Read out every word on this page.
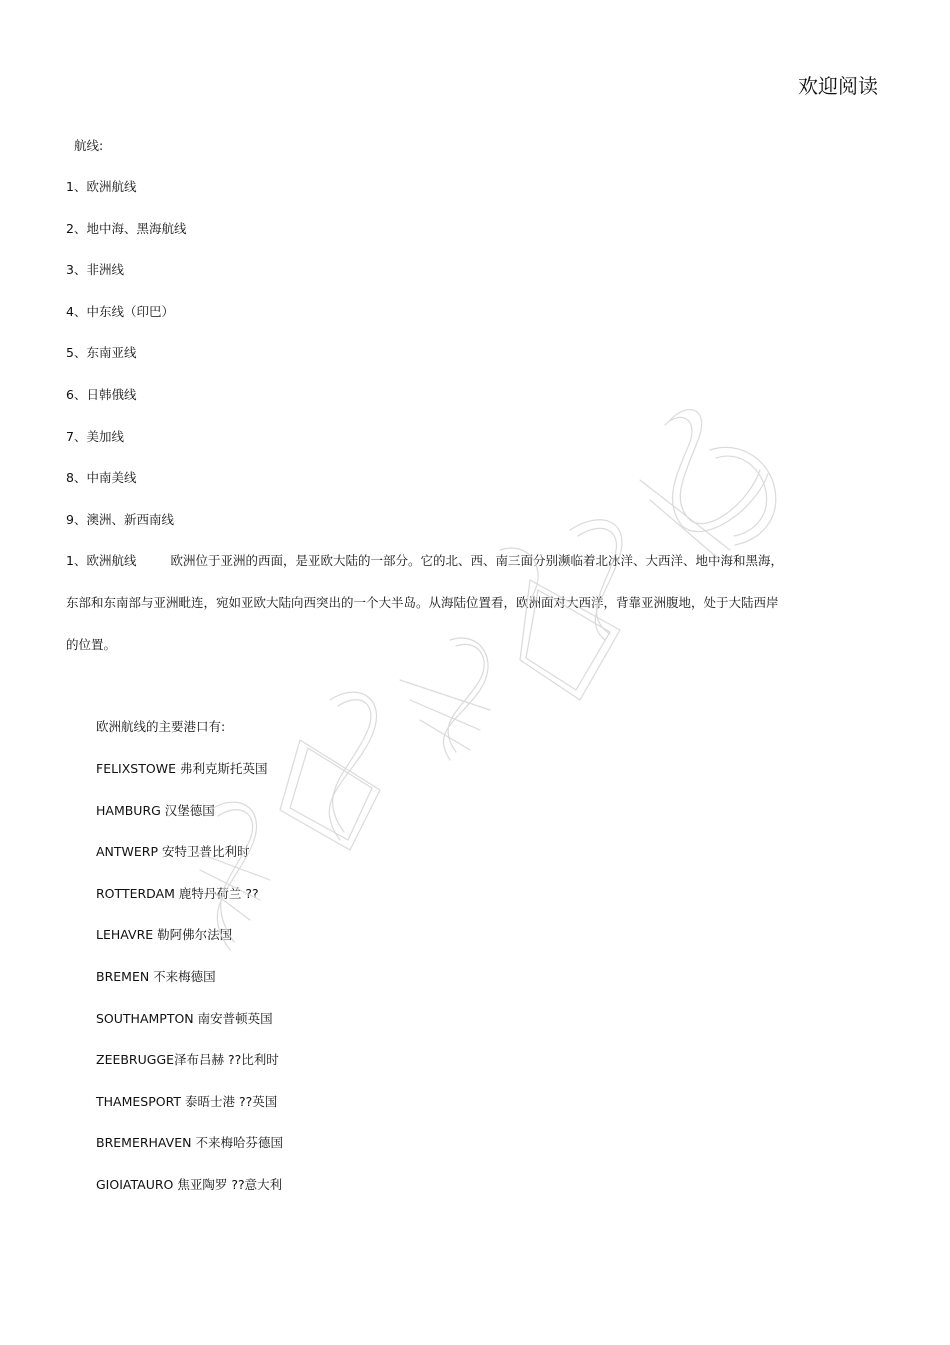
欢迎阅读
航线:
1、欧洲航线
2、地中海、黑海航线
3、非洲线
4、中东线（印巴）
5、东南亚线
6、日韩俄线
7、美加线
8、中南美线
9、澳洲、新西南线
1、欧洲航线	欧洲位于亚洲的西面，是亚欧大陆的一部分。它的北、西、南三面分别濒临着北冰洋、大西洋、地中海和黑海，
东部和东南部与亚洲毗连，宛如亚欧大陆向西突出的一个大半岛。从海陆位置看，欧洲面对大西洋，背靠亚洲腹地，处于大陆西岸
的位置。
欧洲航线的主要港口有:
FELIXSTOWE 弗利克斯托英国
HAMBURG 汉堡德国
ANTWERP 安特卫普比利时
ROTTERDAM 鹿特丹荷兰 ??
LEHAVRE 勒阿佛尔法国
BREMEN 不来梅德国
SOUTHAMPTON 南安普顿英国
ZEEBRUGGE泽布吕赫 ??比利时
THAMESPORT 泰晤士港 ??英国
BREMERHAVEN 不来梅哈芬德国
GIOIATAURO 焦亚陶罗 ??意大利
